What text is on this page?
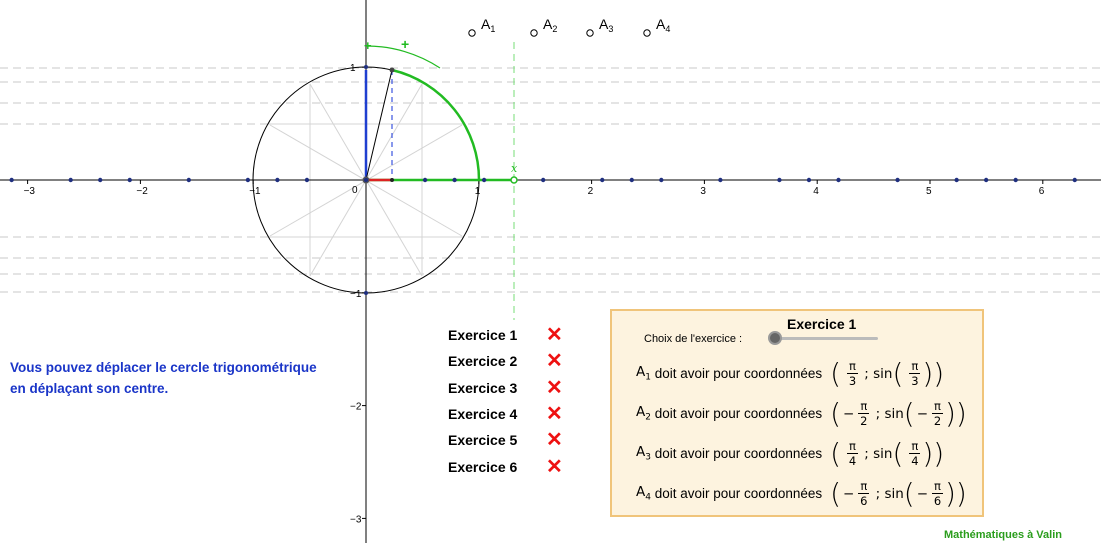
−3	−2	−1	1	2	3	4	5	6
1
−1
−2
−3
0
+ +
x
$A_1$	$A_2$	$A_3$	$A_4$
Vous pouvez déplacer le cercle trigonométrique
en déplaçant son centre.
Exercice 1	✕
Exercice 2	✕
Exercice 3	✕
Exercice 4	✕
Exercice 5	✕
Exercice 6	✕
Exercice 1
Choix de l'exercice :
$A_1$
doit avoir pour coordonnées ( $\frac{\pi}{3}$
;
sin ( $\frac{\pi}{3}$ ) )
$A_2$
doit avoir pour coordonnées ( − $\frac{\pi}{2}$
;
sin ( − $\frac{\pi}{2}$ ) )
$A_3$
doit avoir pour coordonnées ( $\frac{\pi}{4}$
;
sin ( $\frac{\pi}{4}$ ) )
$A_4$
doit avoir pour coordonnées ( − $\frac{\pi}{6}$
;
sin ( − $\frac{\pi}{6}$ ) )
Mathématiques à Valin
